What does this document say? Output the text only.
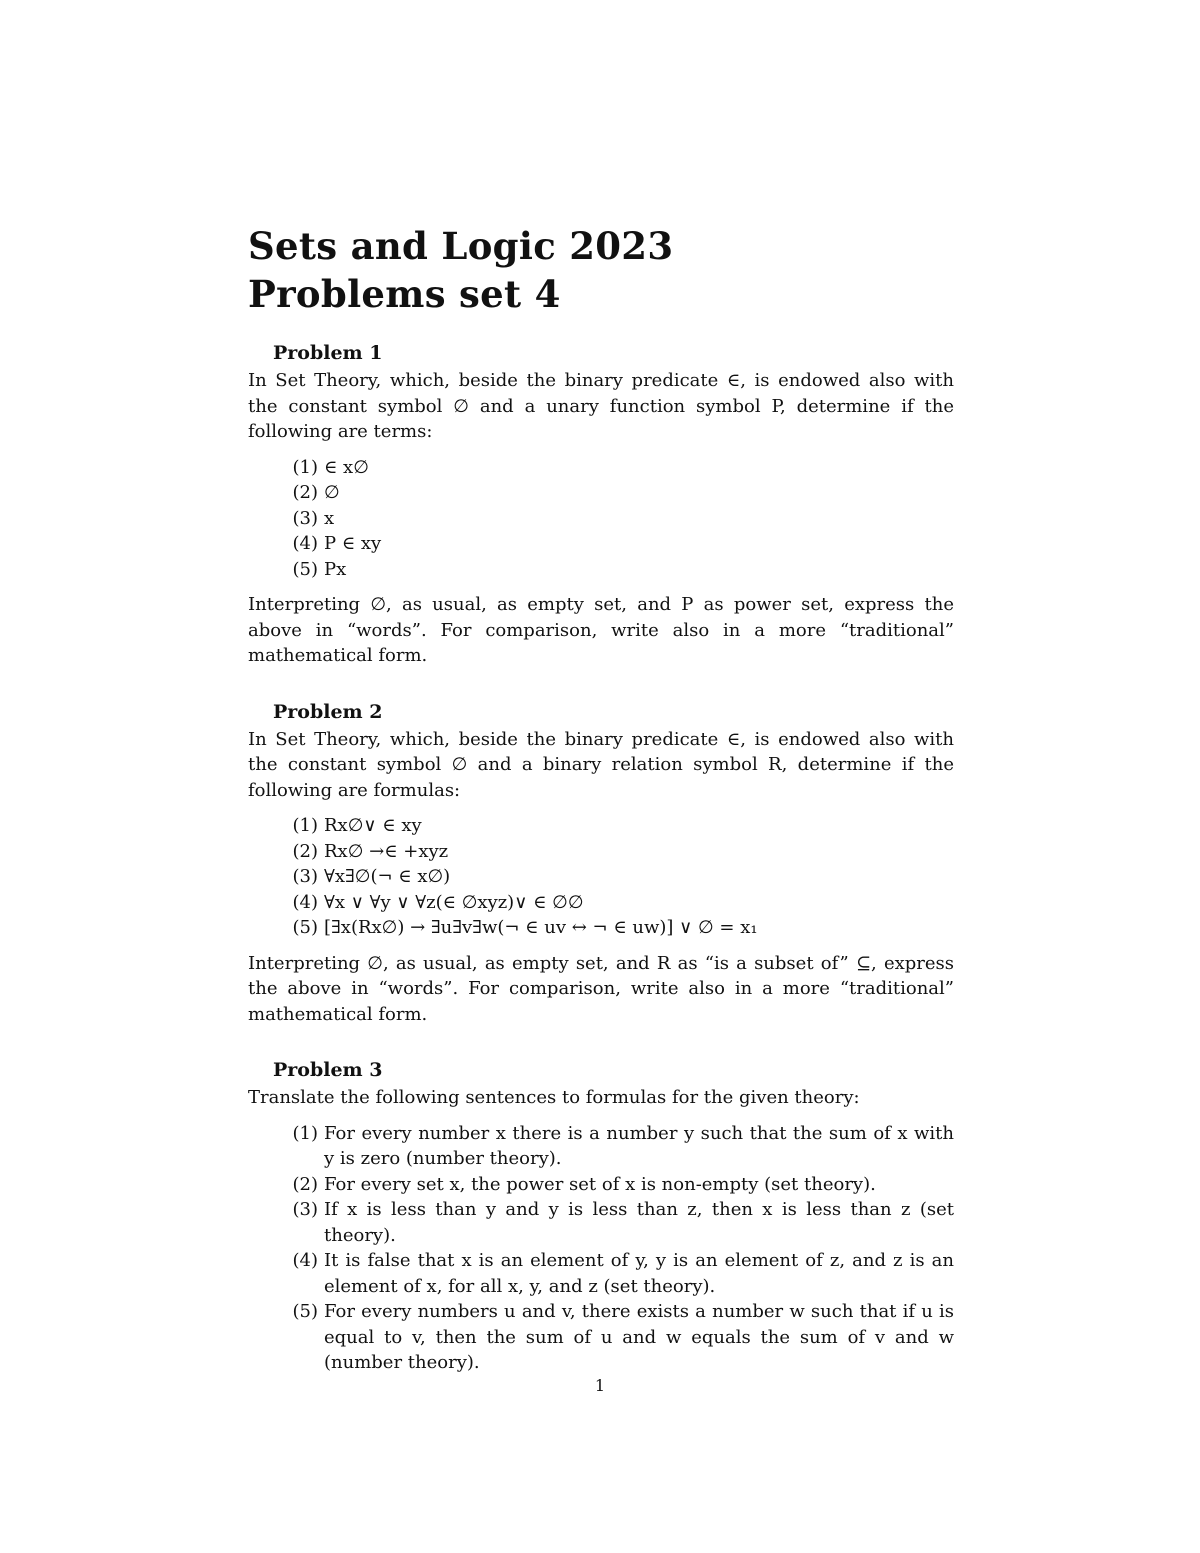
Sets and Logic 2023
Problems set 4
Problem 1

In Set Theory, which, beside the binary predicate ∈, is endowed also with the constant symbol ∅ and a unary function symbol P, determine if the following are terms:

(1) ∈ x∅
(2) ∅
(3) x
(4) P ∈ xy
(5) Px

Interpreting ∅, as usual, as empty set, and P as power set, express the above in “words”. For comparison, write also in a more “traditional” mathematical form.

Problem 2

In Set Theory, which, beside the binary predicate ∈, is endowed also with the constant symbol ∅ and a binary relation symbol R, determine if the following are formulas:

(1) Rx∅∨ ∈ xy
(2) Rx∅ →∈ +xyz
(3) ∀x∃∅(¬ ∈ x∅)
(4) ∀x ∨ ∀y ∨ ∀z(∈ ∅xyz)∨ ∈ ∅∅
(5) [∃x(Rx∅) → ∃u∃v∃w(¬ ∈ uv ↔ ¬ ∈ uw)] ∨ ∅ = x₁

Interpreting ∅, as usual, as empty set, and R as “is a subset of” ⊆, express the above in “words”. For comparison, write also in a more “traditional” mathematical form.

Problem 3

Translate the following sentences to formulas for the given theory:

(1) For every number x there is a number y such that the sum of x with y is zero (number theory).
(2) For every set x, the power set of x is non-empty (set theory).
(3) If x is less than y and y is less than z, then x is less than z (set theory).
(4) It is false that x is an element of y, y is an element of z, and z is an element of x, for all x, y, and z (set theory).
(5) For every numbers u and v, there exists a number w such that if u is equal to v, then the sum of u and w equals the sum of v and w (number theory).
1
